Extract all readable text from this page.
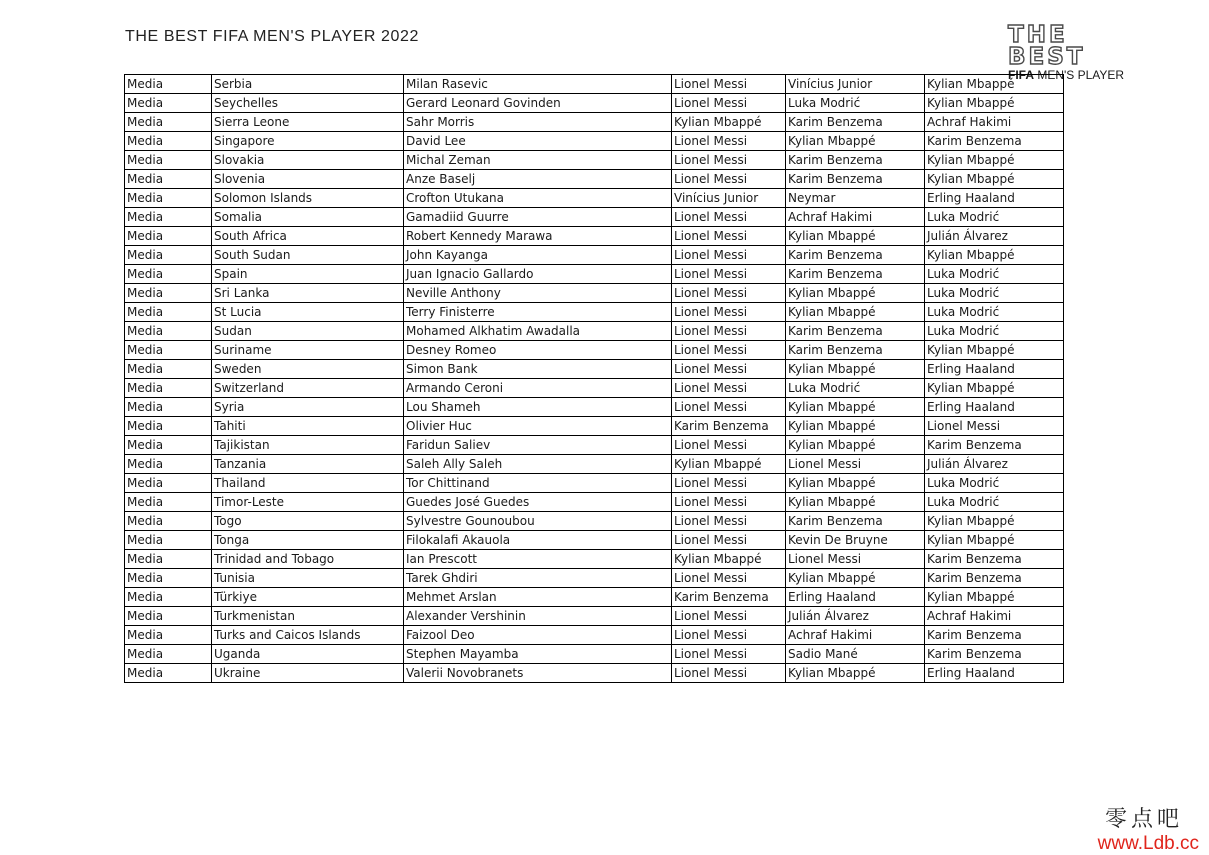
THE BEST FIFA MEN'S PLAYER 2022	THE BEST
FIFA MEN'S PLAYER
Media	Serbia	Milan Rasevic	Lionel Messi	Vinícius Junior	Kylian Mbappé
Media	Seychelles	Gerard Leonard Govinden	Lionel Messi	Luka Modrić	Kylian Mbappé
Media	Sierra Leone	Sahr Morris	Kylian Mbappé	Karim Benzema	Achraf Hakimi
Media	Singapore	David Lee	Lionel Messi	Kylian Mbappé	Karim Benzema
Media	Slovakia	Michal Zeman	Lionel Messi	Karim Benzema	Kylian Mbappé
Media	Slovenia	Anze Baselj	Lionel Messi	Karim Benzema	Kylian Mbappé
Media	Solomon Islands	Crofton Utukana	Vinícius Junior	Neymar	Erling Haaland
Media	Somalia	Gamadiid Guurre	Lionel Messi	Achraf Hakimi	Luka Modrić
Media	South Africa	Robert Kennedy Marawa	Lionel Messi	Kylian Mbappé	Julián Álvarez
Media	South Sudan	John Kayanga	Lionel Messi	Karim Benzema	Kylian Mbappé
Media	Spain	Juan Ignacio Gallardo	Lionel Messi	Karim Benzema	Luka Modrić
Media	Sri Lanka	Neville Anthony	Lionel Messi	Kylian Mbappé	Luka Modrić
Media	St Lucia	Terry Finisterre	Lionel Messi	Kylian Mbappé	Luka Modrić
Media	Sudan	Mohamed Alkhatim Awadalla	Lionel Messi	Karim Benzema	Luka Modrić
Media	Suriname	Desney Romeo	Lionel Messi	Karim Benzema	Kylian Mbappé
Media	Sweden	Simon Bank	Lionel Messi	Kylian Mbappé	Erling Haaland
Media	Switzerland	Armando Ceroni	Lionel Messi	Luka Modrić	Kylian Mbappé
Media	Syria	Lou Shameh	Lionel Messi	Kylian Mbappé	Erling Haaland
Media	Tahiti	Olivier Huc	Karim Benzema	Kylian Mbappé	Lionel Messi
Media	Tajikistan	Faridun Saliev	Lionel Messi	Kylian Mbappé	Karim Benzema
Media	Tanzania	Saleh Ally Saleh	Kylian Mbappé	Lionel Messi	Julián Álvarez
Media	Thailand	Tor Chittinand	Lionel Messi	Kylian Mbappé	Luka Modrić
Media	Timor-Leste	Guedes José Guedes	Lionel Messi	Kylian Mbappé	Luka Modrić
Media	Togo	Sylvestre Gounoubou	Lionel Messi	Karim Benzema	Kylian Mbappé
Media	Tonga	Filokalafi Akauola	Lionel Messi	Kevin De Bruyne	Kylian Mbappé
Media	Trinidad and Tobago	Ian Prescott	Kylian Mbappé	Lionel Messi	Karim Benzema
Media	Tunisia	Tarek Ghdiri	Lionel Messi	Kylian Mbappé	Karim Benzema
Media	Türkiye	Mehmet Arslan	Karim Benzema	Erling Haaland	Kylian Mbappé
Media	Turkmenistan	Alexander Vershinin	Lionel Messi	Julián Álvarez	Achraf Hakimi
Media	Turks and Caicos Islands	Faizool Deo	Lionel Messi	Achraf Hakimi	Karim Benzema
Media	Uganda	Stephen Mayamba	Lionel Messi	Sadio Mané	Karim Benzema
Media	Ukraine	Valerii Novobranets	Lionel Messi	Kylian Mbappé	Erling Haaland
零点吧
www.Ldb.cc
